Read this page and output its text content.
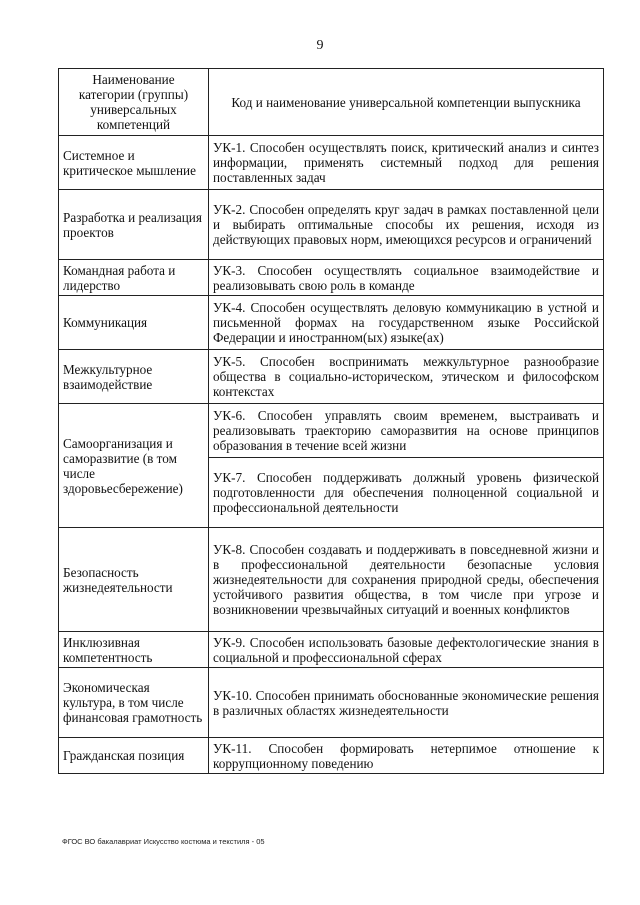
9
Наименование категории (группы) универсальных компетенций	Код и наименование универсальной компетенции выпускника
Системное и критическое мышление	УК-1. Способен осуществлять поиск, критический анализ и синтез информации, применять системный подход для решения поставленных задач
Разработка и реализация проектов	УК-2. Способен определять круг задач в рамках поставленной цели и выбирать оптимальные способы их решения, исходя из действующих правовых норм, имеющихся ресурсов и ограничений
Командная работа и лидерство	УК-3. Способен осуществлять социальное взаимодействие и реализовывать свою роль в команде
Коммуникация	УК-4. Способен осуществлять деловую коммуникацию в устной и письменной формах на государственном языке Российской Федерации и иностранном(ых) языке(ах)
Межкультурное взаимодействие	УК-5. Способен воспринимать межкультурное разнообразие общества в социально-историческом, этическом и философском контекстах
Самоорганизация и саморазвитие (в том числе здоровьесбережение)	УК-6. Способен управлять своим временем, выстраивать и реализовывать траекторию саморазвития на основе принципов образования в течение всей жизни
	УК-7. Способен поддерживать должный уровень физической подготовленности для обеспечения полноценной социальной и профессиональной деятельности
Безопасность жизнедеятельности	УК-8. Способен создавать и поддерживать в повседневной жизни и в профессиональной деятельности безопасные условия жизнедеятельности для сохранения природной среды, обеспечения устойчивого развития общества, в том числе при угрозе и возникновении чрезвычайных ситуаций и военных конфликтов
Инклюзивная компетентность	УК-9. Способен использовать базовые дефектологические знания в социальной и профессиональной сферах
Экономическая культура, в том числе финансовая грамотность	УК-10. Способен принимать обоснованные экономические решения в различных областях жизнедеятельности
Гражданская позиция	УК-11. Способен формировать нетерпимое отношение к коррупционному поведению
ФГОС ВО бакалавриат Искусство костюма и текстиля - 05
